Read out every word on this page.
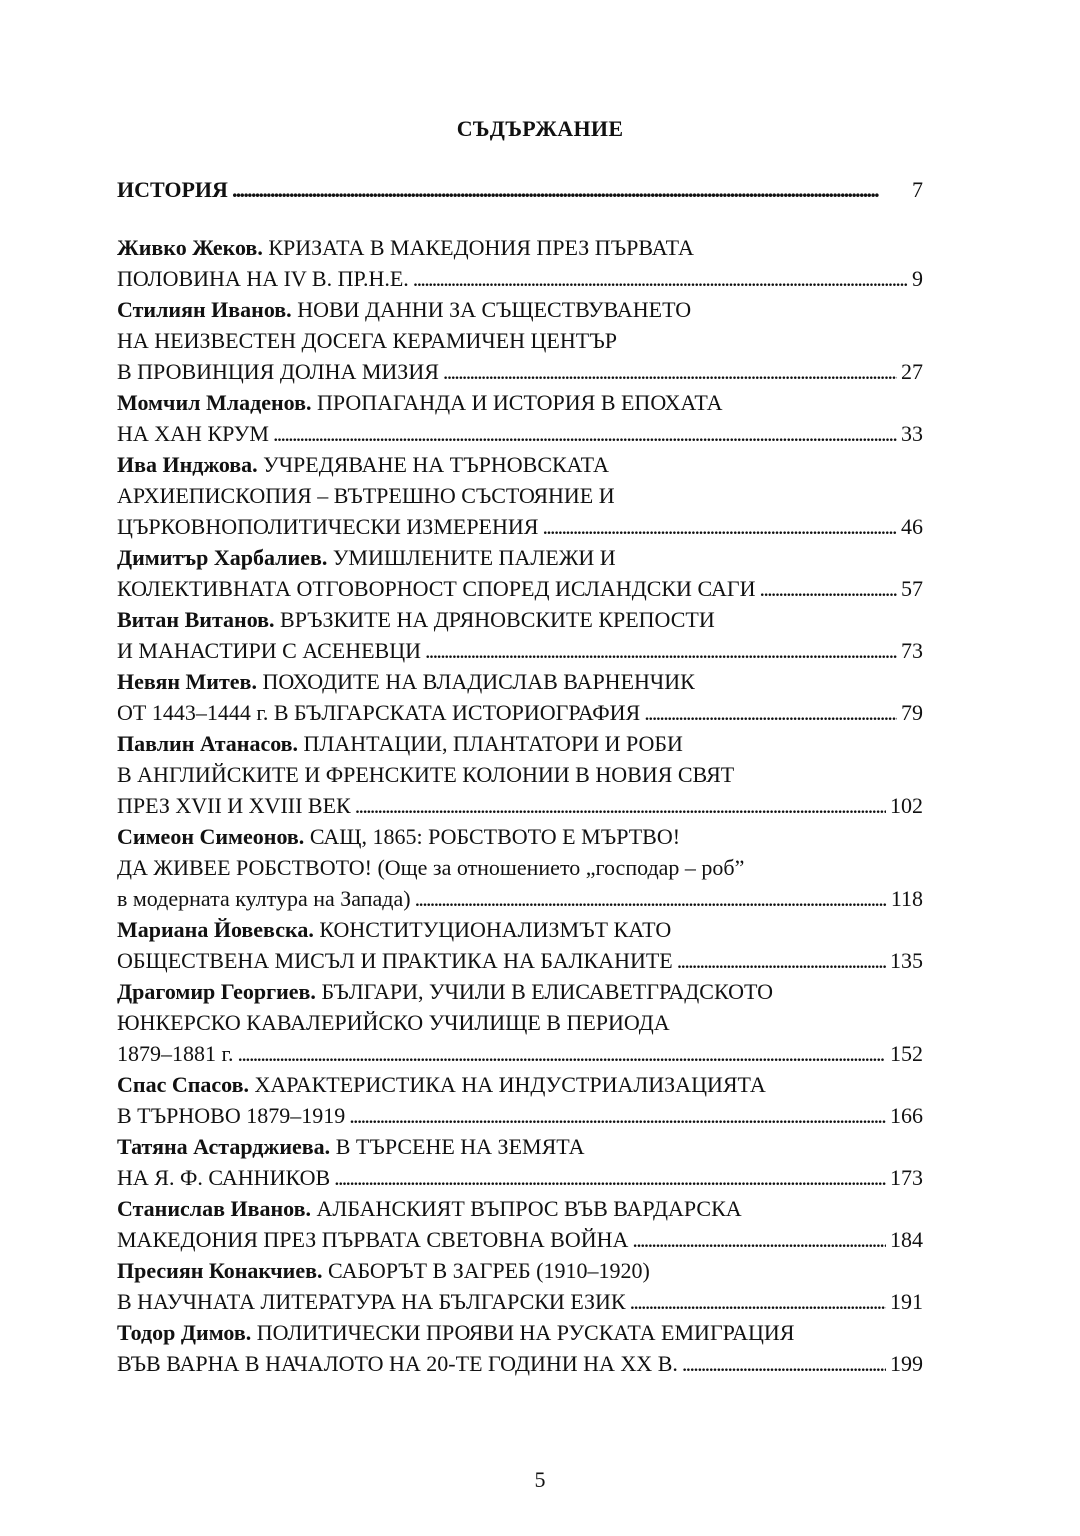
СЪДЪРЖАНИЕ
ИСТОРИЯ . . .	7
Живко Жеков. КРИЗАТА В МАКЕДОНИЯ ПРЕЗ ПЪРВАТА
ПОЛОВИНА НА IV В. ПР.Н.Е. . . .	9
Стилиян Иванов. НОВИ ДАННИ ЗА СЪЩЕСТВУВАНЕТО
НА НЕИЗВЕСТЕН ДОСЕГА КЕРАМИЧЕН ЦЕНТЪР
В ПРОВИНЦИЯ ДОЛНА МИЗИЯ . . .	27
Момчил Младенов. ПРОПАГАНДА И ИСТОРИЯ В ЕПОХАТА
НА ХАН КРУМ . . .	33
Ива Инджова. УЧРЕДЯВАНЕ НА ТЪРНОВСКАТА
АРХИЕПИСКОПИЯ – ВЪТРЕШНО СЪСТОЯНИЕ И
ЦЪРКОВНОПОЛИТИЧЕСКИ ИЗМЕРЕНИЯ . . .	46
Димитър Харбалиев. УМИШЛЕНИТЕ ПАЛЕЖИ И
КОЛЕКТИВНАТА ОТГОВОРНОСТ СПОРЕД ИСЛАНДСКИ САГИ . . .	57
Витан Витанов. ВРЪЗКИТЕ НА ДРЯНОВСКИТЕ КРЕПОСТИ
И МАНАСТИРИ С АСЕНЕВЦИ . . .	73
Невян Митев. ПОХОДИТЕ НА ВЛАДИСЛАВ ВАРНЕНЧИК
ОТ 1443–1444 г. В БЪЛГАРСКАТА ИСТОРИОГРАФИЯ . . .	79
Павлин Атанасов. ПЛАНТАЦИИ, ПЛАНТАТОРИ И РОБИ
В АНГЛИЙСКИТЕ И ФРЕНСКИТЕ КОЛОНИИ В НОВИЯ СВЯТ
ПРЕЗ XVII И XVIII ВЕК . . .	102
Симеон Симеонов. САЩ, 1865: РОБСТВОТО Е МЪРТВО!
ДА ЖИВЕЕ РОБСТВОТО! (Още за отношението „господар – роб”
в модерната култура на Запада) . . .	118
Мариана Йовевска. КОНСТИТУЦИОНАЛИЗМЪТ КАТО
ОБЩЕСТВЕНА МИСЪЛ И ПРАКТИКА НА БАЛКАНИТЕ . . .	135
Драгомир Георгиев. БЪЛГАРИ, УЧИЛИ В ЕЛИСАВЕТГРАДСКОТО
ЮНКЕРСКО КАВАЛЕРИЙСКО УЧИЛИЩЕ В ПЕРИОДА
1879–1881 г. . . .	152
Спас Спасов. ХАРАКТЕРИСТИКА НА ИНДУСТРИАЛИЗАЦИЯТА
В ТЪРНОВО 1879–1919 . . .	166
Татяна Астарджиева. В ТЪРСЕНЕ НА ЗЕМЯТА
НА Я. Ф. САННИКОВ . . .	173
Станислав Иванов. АЛБАНСКИЯТ ВЪПРОС ВЪВ ВАРДАРСКА
МАКЕДОНИЯ ПРЕЗ ПЪРВАТА СВЕТОВНА ВОЙНА . . .	184
Пресиян Конакчиев. САБОРЪТ В ЗАГРЕБ (1910–1920)
В НАУЧНАТА ЛИТЕРАТУРА НА БЪЛГАРСКИ ЕЗИК . . .	191
Тодор Димов. ПОЛИТИЧЕСКИ ПРОЯВИ НА РУСКАТА ЕМИГРАЦИЯ
ВЪВ ВАРНА В НАЧАЛОТО НА 20-ТЕ ГОДИНИ НА XX В. . . .	199
5
